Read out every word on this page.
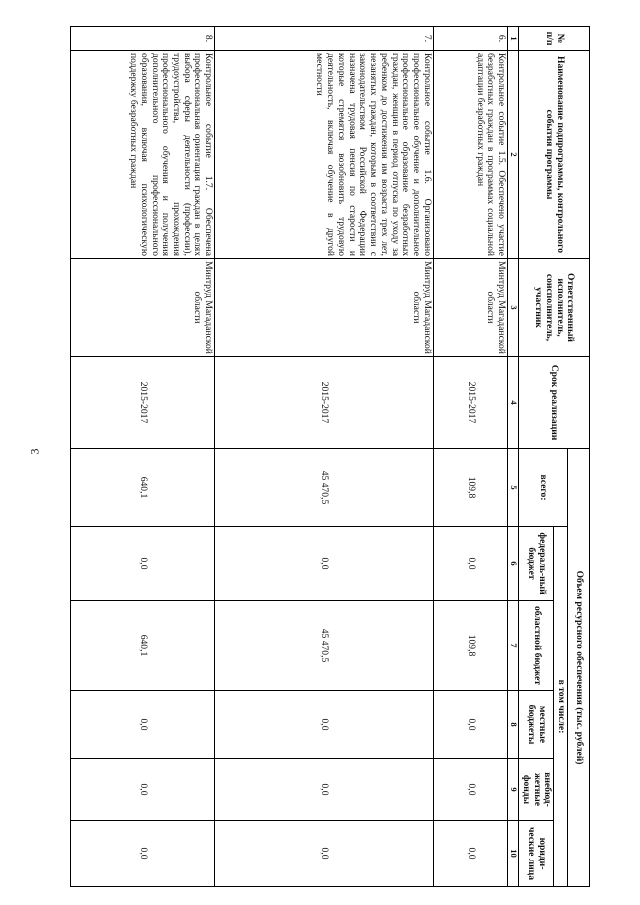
3
№ п/п	Наименование подпрограммы, контрольного события программы	Ответственный исполнитель, соисполнитель, участник	Срок реализации	Объем ресурсного обеспечения (тыс. рублей)					
				всего:	в том числе:				
					федераль-ный бюджет	областной бюджет	местные бюджеты	внебюд-жетные фонды	юриди-ческие лица
1	2	3	4	5	6	7	8	9	10
6.	Контрольное событие 1.5. Обеспечено участие безработных граждан в программах социальной адаптации безработных граждан	Минтруд Магаданской области	2015-2017	109,8	0,0	109,8	0,0	0,0	0,0
7.	Контрольное событие 1.6. Организовано профессиональное обучение и дополнительное профессиональное образование безработных граждан, женщин в период отпуска по уходу за ребенком до достижения им возраста трех лет, незанятых граждан, которым в соответствии с законодательством Российской Федерации назначена трудовая пенсия по старости и которые стремятся возобновить трудовую деятельность, включая обучение в другой местности	Минтруд Магаданской области	2015-2017	45 470,5	0,0	45 470,5	0,0	0,0	0,0
8.	Контрольное событие 1.7. Обеспечена профессиональная ориентация граждан в целях выбора сферы деятельности (профессии), трудоустройства, прохождения профессионального обучения и получения дополнительного профессионального образования, включая психологическую поддержку безработных граждан	Минтруд Магаданской области	2015-2017	640,1	0,0	640,1	0,0	0,0	0,0
